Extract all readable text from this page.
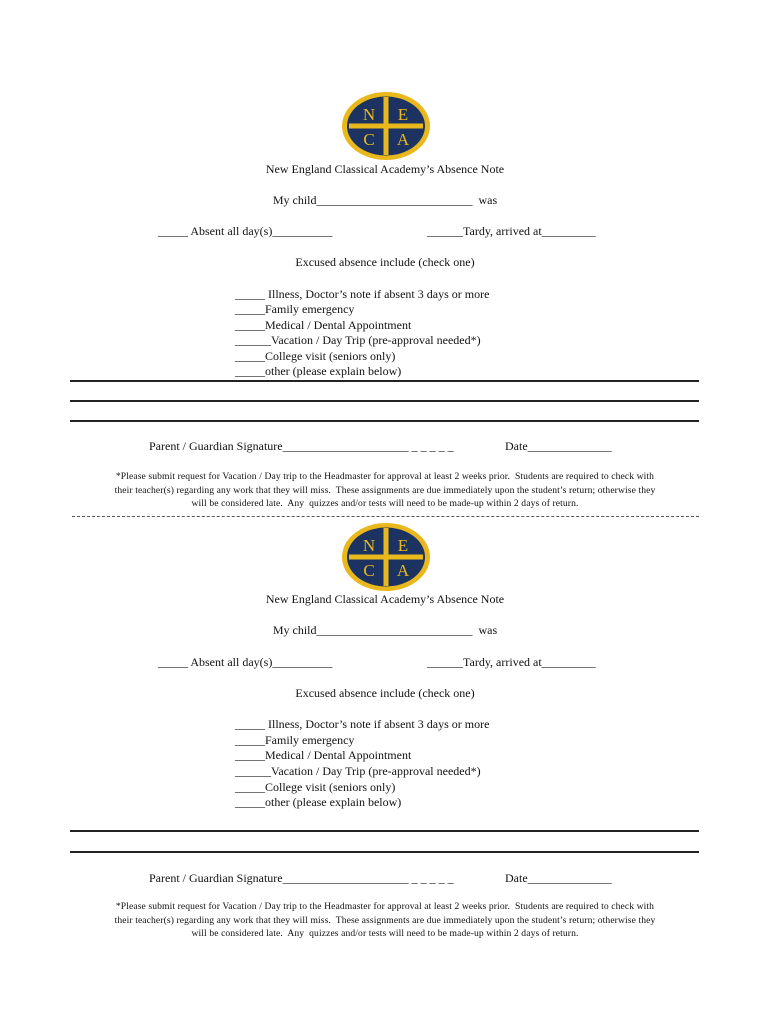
N E
C A
New England Classical Academy’s Absence Note
My child__________________________  was
_____ Absent all day(s)__________	______Tardy, arrived at_________
Excused absence include (check one)
_____ Illness, Doctor’s note if absent 3 days or more
_____Family emergency
_____Medical / Dental Appointment
______Vacation / Day Trip (pre-approval needed*)
_____College visit (seniors only)
_____other (please explain below)
Parent / Guardian Signature_____________________ _ _ _ _ _	Date______________
*Please submit request for Vacation / Day trip to the Headmaster for approval at least 2 weeks prior.  Students are required to check with
their teacher(s) regarding any work that they will miss.  These assignments are due immediately upon the student’s return; otherwise they
will be considered late.  Any  quizzes and/or tests will need to be made-up within 2 days of return.
N E
C A
New England Classical Academy’s Absence Note
My child__________________________  was
_____ Absent all day(s)__________	______Tardy, arrived at_________
Excused absence include (check one)
_____ Illness, Doctor’s note if absent 3 days or more
_____Family emergency
_____Medical / Dental Appointment
______Vacation / Day Trip (pre-approval needed*)
_____College visit (seniors only)
_____other (please explain below)
Parent / Guardian Signature_____________________ _ _ _ _ _	Date______________
*Please submit request for Vacation / Day trip to the Headmaster for approval at least 2 weeks prior.  Students are required to check with
their teacher(s) regarding any work that they will miss.  These assignments are due immediately upon the student’s return; otherwise they
will be considered late.  Any  quizzes and/or tests will need to be made-up within 2 days of return.
